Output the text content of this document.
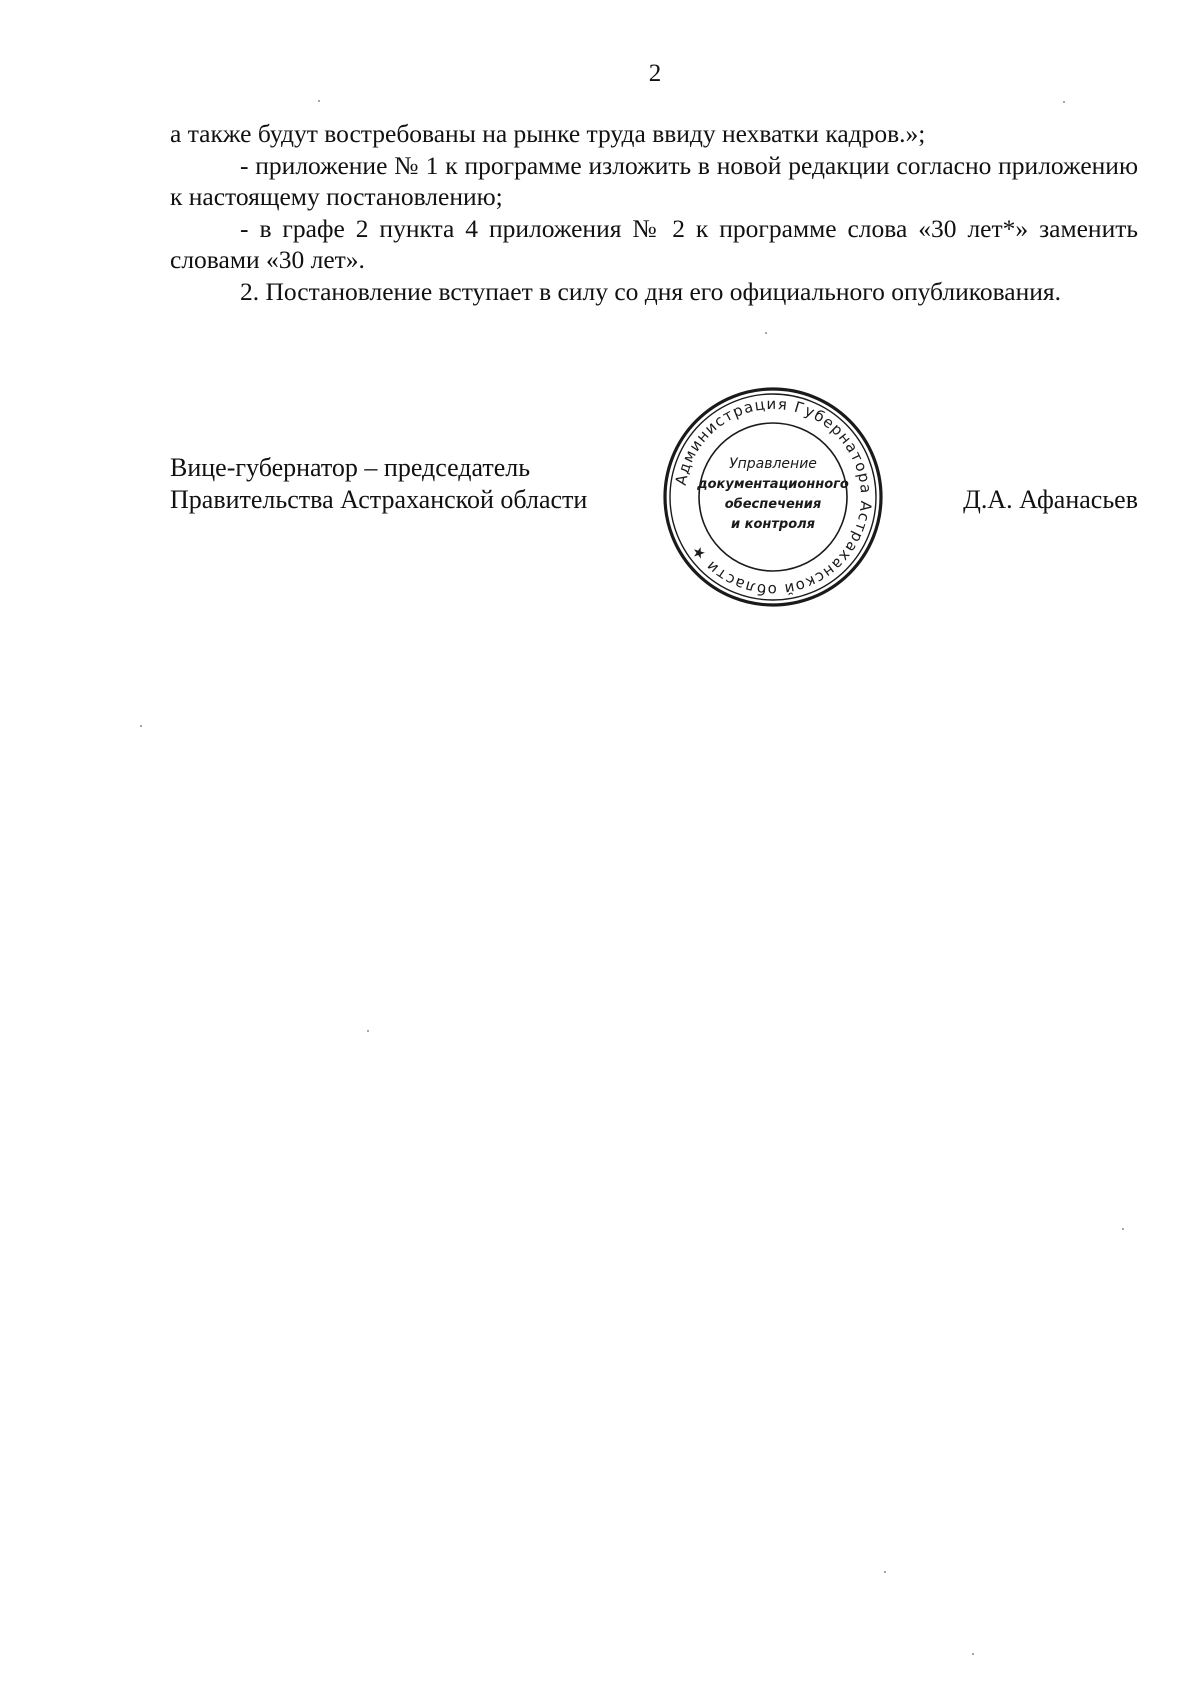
2

а также будут востребованы на рынке труда ввиду нехватки кадров.»;

- приложение № 1 к программе изложить в новой редакции согласно приложению к настоящему постановлению;

- в графе 2 пункта 4 приложения № 2 к программе слова «30 лет*» заменить словами «30 лет».

2. Постановление вступает в силу со дня его официального опубликования.

Вице-губернатор – председатель
Правительства Астраханской области
Администрация Губернатора Астраханской области ★
Управление
документационного
обеспечения
и контроля
Д.А. Афанасьев
